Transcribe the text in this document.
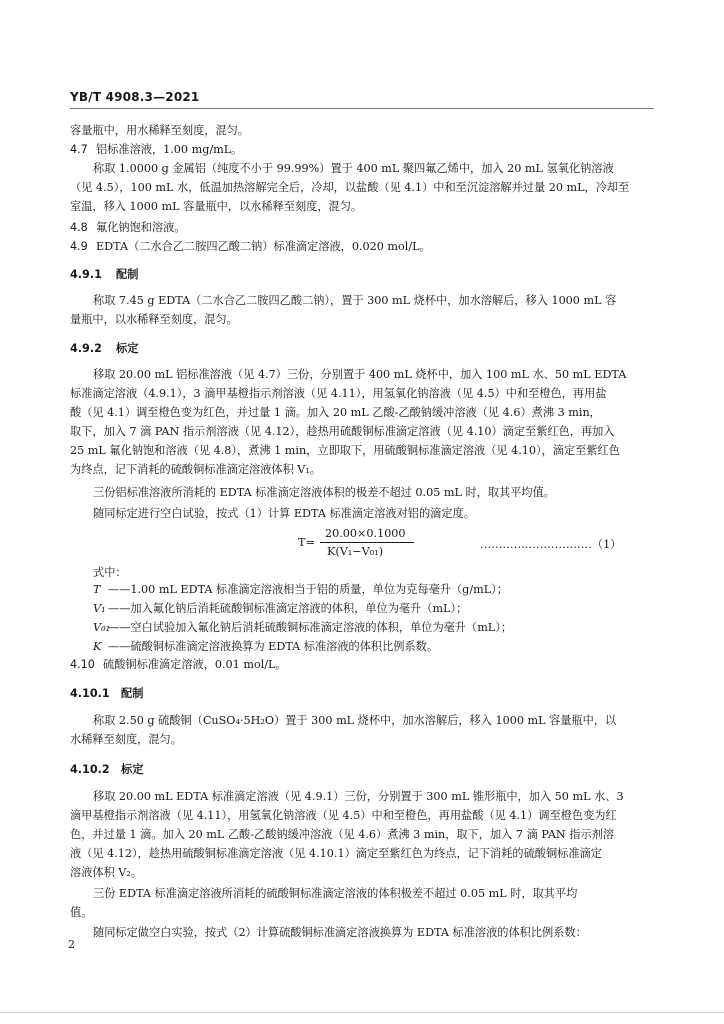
YB/T 4908.3—2021
容量瓶中，用水稀释至刻度，混匀。
4.7 铝标准溶液，1.00 mg/mL。
称取 1.0000 g 金属铝（纯度不小于 99.99%）置于 400 mL 聚四氟乙烯中，加入 20 mL 氢氧化钠溶液
（见 4.5），100 mL 水，低温加热溶解完全后，冷却，以盐酸（见 4.1）中和至沉淀溶解并过量 20 mL，冷却至
室温，移入 1000 mL 容量瓶中，以水稀释至刻度，混匀。
4.8 氟化钠饱和溶液。
4.9 EDTA（二水合乙二胺四乙酸二钠）标准滴定溶液，0.020 mol/L。
4.9.1 配制
称取 7.45 g EDTA（二水合乙二胺四乙酸二钠），置于 300 mL 烧杯中，加水溶解后，移入 1000 mL 容
量瓶中，以水稀释至刻度，混匀。
4.9.2 标定
移取 20.00 mL 铝标准溶液（见 4.7）三份，分别置于 400 mL 烧杯中，加入 100 mL 水、50 mL EDTA
标准滴定溶液（4.9.1），3 滴甲基橙指示剂溶液（见 4.11），用氢氧化钠溶液（见 4.5）中和至橙色，再用盐
酸（见 4.1）调至橙色变为红色，并过量 1 滴。加入 20 mL 乙酸-乙酸钠缓冲溶液（见 4.6）煮沸 3 min，
取下，加入 7 滴 PAN 指示剂溶液（见 4.12），趁热用硫酸铜标准滴定溶液（见 4.10）滴定至紫红色，再加入
25 mL 氟化钠饱和溶液（见 4.8），煮沸 1 min，立即取下，用硫酸铜标准滴定溶液（见 4.10），滴定至紫红色
为终点，记下消耗的硫酸铜标准滴定溶液体积 V₁。
三份铝标准溶液所消耗的 EDTA 标准滴定溶液体积的极差不超过 0.05 mL 时，取其平均值。
随同标定进行空白试验，按式（1）计算 EDTA 标准滴定溶液对铝的滴定度。
T=
20.00×0.1000
K(V₁−V₀₁)
…………………………（1）
式中：
T ——1.00 mL EDTA 标准滴定溶液相当于铝的质量，单位为克每毫升（g/mL）；
V₁ ——加入氟化钠后消耗硫酸铜标准滴定溶液的体积，单位为毫升（mL）；
V₀₁
——空白试验加入氟化钠后消耗硫酸铜标准滴定溶液的体积，单位为毫升（mL）；
K ——硫酸铜标准滴定溶液换算为 EDTA 标准溶液的体积比例系数。
4.10 硫酸铜标准滴定溶液，0.01 mol/L。
4.10.1 配制
称取 2.50 g 硫酸铜（CuSO₄·5H₂O）置于 300 mL 烧杯中，加水溶解后，移入 1000 mL 容量瓶中，以
水稀释至刻度，混匀。
4.10.2 标定
移取 20.00 mL EDTA 标准滴定溶液（见 4.9.1）三份，分别置于 300 mL 锥形瓶中，加入 50 mL 水、3
滴甲基橙指示剂溶液（见 4.11），用氢氧化钠溶液（见 4.5）中和至橙色，再用盐酸（见 4.1）调至橙色变为红
色，并过量 1 滴。加入 20 mL 乙酸-乙酸钠缓冲溶液（见 4.6）煮沸 3 min，取下，加入 7 滴 PAN 指示剂溶
液（见 4.12），趁热用硫酸铜标准滴定溶液（见 4.10.1）滴定至紫红色为终点，记下消耗的硫酸铜标准滴定
溶液体积 V₂。
三份 EDTA 标准滴定溶液所消耗的硫酸铜标准滴定溶液的体积极差不超过 0.05 mL 时，取其平均
值。
随同标定做空白实验，按式（2）计算硫酸铜标准滴定溶液换算为 EDTA 标准溶液的体积比例系数：
2
